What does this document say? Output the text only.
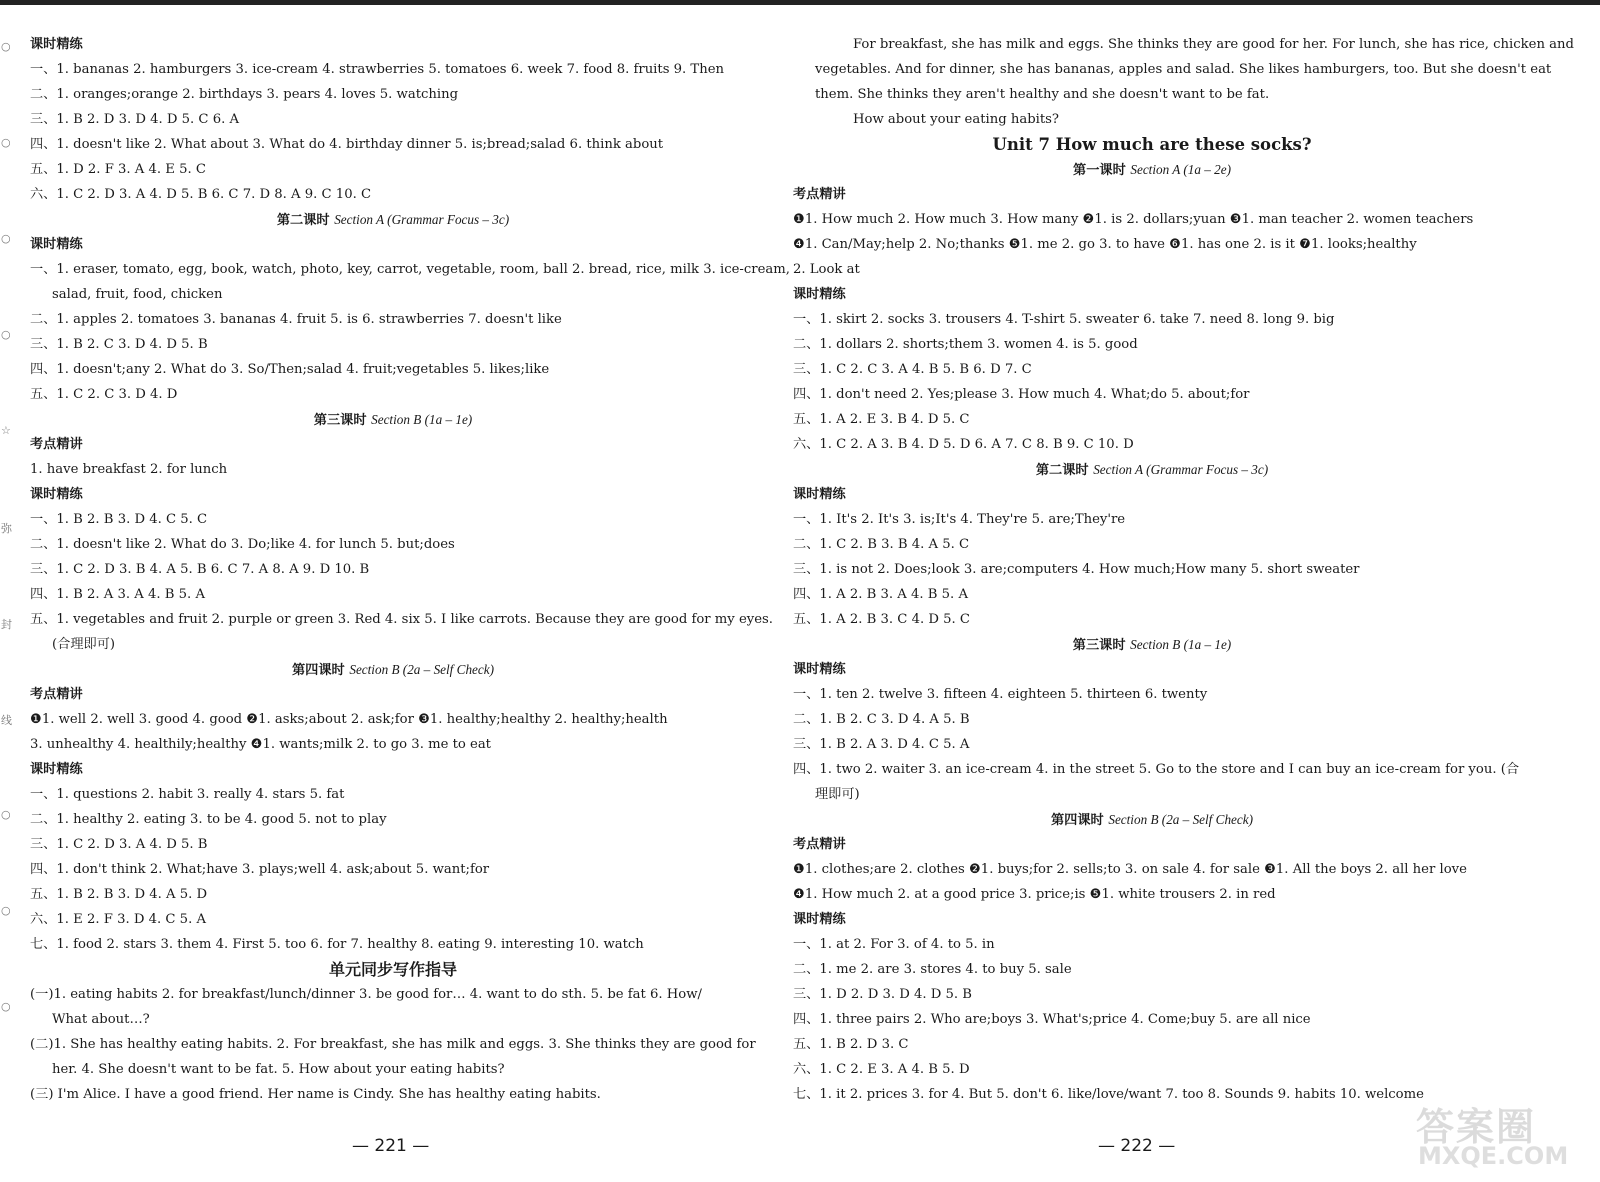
○
○
○
○
☆
弥
封
线
○
○
○
课时精练
一、1. bananas 2. hamburgers 3. ice-cream 4. strawberries 5. tomatoes 6. week 7. food 8. fruits 9. Then
二、1. oranges;orange 2. birthdays 3. pears 4. loves 5. watching
三、1. B 2. D 3. D 4. D 5. C 6. A
四、1. doesn't like 2. What about 3. What do 4. birthday dinner 5. is;bread;salad 6. think about
五、1. D 2. F 3. A 4. E 5. C
六、1. C 2. D 3. A 4. D 5. B 6. C 7. D 8. A 9. C 10. C
第二课时 Section A (Grammar Focus – 3c)
课时精练
一、1. eraser, tomato, egg, book, watch, photo, key, carrot, vegetable, room, ball 2. bread, rice, milk 3. ice-cream,
salad, fruit, food, chicken
二、1. apples 2. tomatoes 3. bananas 4. fruit 5. is 6. strawberries 7. doesn't like
三、1. B 2. C 3. D 4. D 5. B
四、1. doesn't;any 2. What do 3. So/Then;salad 4. fruit;vegetables 5. likes;like
五、1. C 2. C 3. D 4. D
第三课时 Section B (1a – 1e)
考点精讲
1. have breakfast 2. for lunch
课时精练
一、1. B 2. B 3. D 4. C 5. C
二、1. doesn't like 2. What do 3. Do;like 4. for lunch 5. but;does
三、1. C 2. D 3. B 4. A 5. B 6. C 7. A 8. A 9. D 10. B
四、1. B 2. A 3. A 4. B 5. A
五、1. vegetables and fruit 2. purple or green 3. Red 4. six 5. I like carrots. Because they are good for my eyes.
(合理即可)
第四课时 Section B (2a – Self Check)
考点精讲
❶1. well 2. well 3. good 4. good ❷1. asks;about 2. ask;for ❸1. healthy;healthy 2. healthy;health
3. unhealthy 4. healthily;healthy ❹1. wants;milk 2. to go 3. me to eat
课时精练
一、1. questions 2. habit 3. really 4. stars 5. fat
二、1. healthy 2. eating 3. to be 4. good 5. not to play
三、1. C 2. D 3. A 4. D 5. B
四、1. don't think 2. What;have 3. plays;well 4. ask;about 5. want;for
五、1. B 2. B 3. D 4. A 5. D
六、1. E 2. F 3. D 4. C 5. A
七、1. food 2. stars 3. them 4. First 5. too 6. for 7. healthy 8. eating 9. interesting 10. watch
单元同步写作指导
(一)1. eating habits 2. for breakfast/lunch/dinner 3. be good for… 4. want to do sth. 5. be fat 6. How/
What about…?
(二)1. She has healthy eating habits. 2. For breakfast, she has milk and eggs. 3. She thinks they are good for
her. 4. She doesn't want to be fat. 5. How about your eating habits?
(三) I'm Alice. I have a good friend. Her name is Cindy. She has healthy eating habits.
For breakfast, she has milk and eggs. She thinks they are good for her. For lunch, she has rice, chicken and
vegetables. And for dinner, she has bananas, apples and salad. She likes hamburgers, too. But she doesn't eat
them. She thinks they aren't healthy and she doesn't want to be fat.
How about your eating habits?
Unit 7 How much are these socks?
第一课时 Section A (1a – 2e)
考点精讲
❶1. How much 2. How much 3. How many ❷1. is 2. dollars;yuan ❸1. man teacher 2. women teachers
❹1. Can/May;help 2. No;thanks ❺1. me 2. go 3. to have ❻1. has one 2. is it ❼1. looks;healthy
2. Look at
课时精练
一、1. skirt 2. socks 3. trousers 4. T-shirt 5. sweater 6. take 7. need 8. long 9. big
二、1. dollars 2. shorts;them 3. women 4. is 5. good
三、1. C 2. C 3. A 4. B 5. B 6. D 7. C
四、1. don't need 2. Yes;please 3. How much 4. What;do 5. about;for
五、1. A 2. E 3. B 4. D 5. C
六、1. C 2. A 3. B 4. D 5. D 6. A 7. C 8. B 9. C 10. D
第二课时 Section A (Grammar Focus – 3c)
课时精练
一、1. It's 2. It's 3. is;It's 4. They're 5. are;They're
二、1. C 2. B 3. B 4. A 5. C
三、1. is not 2. Does;look 3. are;computers 4. How much;How many 5. short sweater
四、1. A 2. B 3. A 4. B 5. A
五、1. A 2. B 3. C 4. D 5. C
第三课时 Section B (1a – 1e)
课时精练
一、1. ten 2. twelve 3. fifteen 4. eighteen 5. thirteen 6. twenty
二、1. B 2. C 3. D 4. A 5. B
三、1. B 2. A 3. D 4. C 5. A
四、1. two 2. waiter 3. an ice-cream 4. in the street 5. Go to the store and I can buy an ice-cream for you. (合
理即可)
第四课时 Section B (2a – Self Check)
考点精讲
❶1. clothes;are 2. clothes ❷1. buys;for 2. sells;to 3. on sale 4. for sale ❸1. All the boys 2. all her love
❹1. How much 2. at a good price 3. price;is ❺1. white trousers 2. in red
课时精练
一、1. at 2. For 3. of 4. to 5. in
二、1. me 2. are 3. stores 4. to buy 5. sale
三、1. D 2. D 3. D 4. D 5. B
四、1. three pairs 2. Who are;boys 3. What's;price 4. Come;buy 5. are all nice
五、1. B 2. D 3. C
六、1. C 2. E 3. A 4. B 5. D
七、1. it 2. prices 3. for 4. But 5. don't 6. like/love/want 7. too 8. Sounds 9. habits 10. welcome
— 221 —	— 222 —	答案圈
MXQE.COM
